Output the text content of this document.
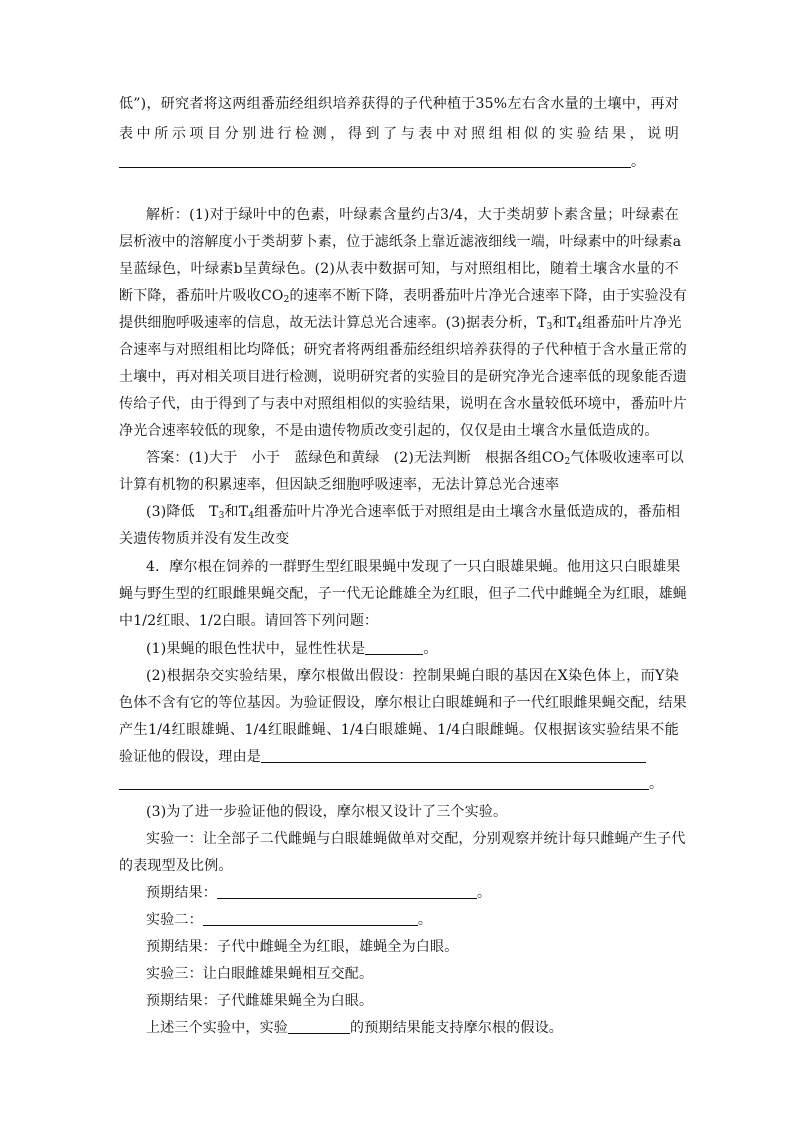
低”)，研究者将这两组番茄经组织培养获得的子代种植于35%左右含水量的土壤中，再对
表中所示项目分别进行检测，得到了与表中对照组相似的实验结果，说明
。
解析：(1)对于绿叶中的色素，叶绿素含量约占3/4，大于类胡萝卜素含量；叶绿素在
层析液中的溶解度小于类胡萝卜素，位于滤纸条上靠近滤液细线一端，叶绿素中的叶绿素a
呈蓝绿色，叶绿素b呈黄绿色。(2)从表中数据可知，与对照组相比，随着土壤含水量的不
断下降，番茄叶片吸收$CO_2$的速率不断下降，表明番茄叶片净光合速率下降，由于实验没有
提供细胞呼吸速率的信息，故无法计算总光合速率。(3)据表分析，$T_3$和$T_4$组番茄叶片净光
合速率与对照组相比均降低；研究者将两组番茄经组织培养获得的子代种植于含水量正常的
土壤中，再对相关项目进行检测，说明研究者的实验目的是研究净光合速率低的现象能否遗
传给子代，由于得到了与表中对照组相似的实验结果，说明在含水量较低环境中，番茄叶片
净光合速率较低的现象，不是由遗传物质改变引起的，仅仅是由土壤含水量低造成的。
答案：(1)大于　小于　蓝绿色和黄绿　(2)无法判断　根据各组$CO_2$气体吸收速率可以
计算有机物的积累速率，但因缺乏细胞呼吸速率，无法计算总光合速率
(3)降低　$T_3$和$T_4$组番茄叶片净光合速率低于对照组是由土壤含水量低造成的，番茄相
关遗传物质并没有发生改变
4．摩尔根在饲养的一群野生型红眼果蝇中发现了一只白眼雄果蝇。他用这只白眼雄果
蝇与野生型的红眼雌果蝇交配，子一代无论雌雄全为红眼，但子二代中雌蝇全为红眼，雄蝇
中1/2红眼、1/2白眼。请回答下列问题：
(1)果蝇的眼色性状中，显性性状是	。
(2)根据杂交实验结果，摩尔根做出假设：控制果蝇白眼的基因在X染色体上，而Y染
色体不含有它的等位基因。为验证假设，摩尔根让白眼雄蝇和子一代红眼雌果蝇交配，结果
产生1/4红眼雄蝇、1/4红眼雌蝇、1/4白眼雄蝇、1/4白眼雌蝇。仅根据该实验结果不能
验证他的假设，理由是
。
(3)为了进一步验证他的假设，摩尔根又设计了三个实验。
实验一：让全部子二代雌蝇与白眼雄蝇做单对交配，分别观察并统计每只雌蝇产生子代
的表现型及比例。
预期结果：	。
实验二：	。
预期结果：子代中雌蝇全为红眼，雄蝇全为白眼。
实验三：让白眼雌雄果蝇相互交配。
预期结果：子代雌雄果蝇全为白眼。
上述三个实验中，实验	的预期结果能支持摩尔根的假设。
